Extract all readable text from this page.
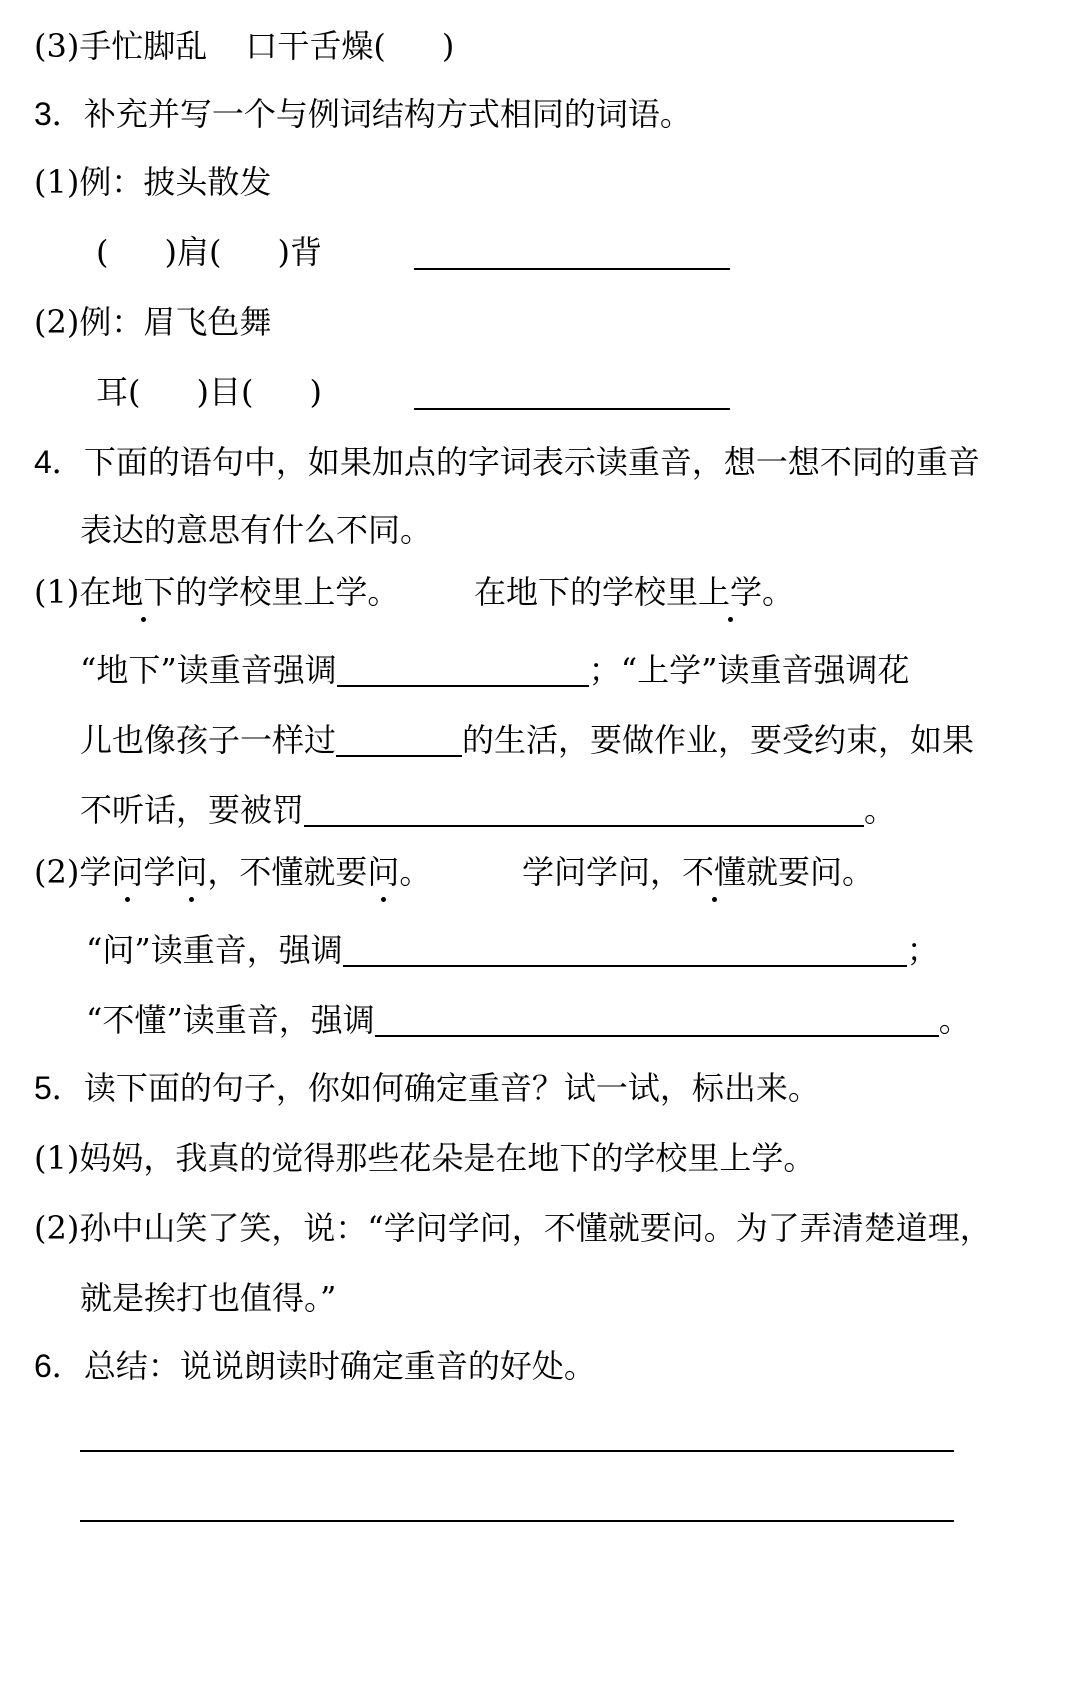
(3)手忙脚乱 口干舌燥( )
3．补充并写一个与例词结构方式相同的词语。
(1)例：披头散发
( )肩( )背
(2)例：眉飞色舞
耳( )目( )
4．下面的语句中，如果加点的字词表示读重音，想一想不同的重音
表达的意思有什么不同。
(1)在地下的学校里上学。 在地下的学校里上学。
“地下”读重音强调	；“上学”读重音强调花
儿也像孩子一样过	的生活，要做作业，要受约束，如果
不听话，要被罚	。
(2)学问学问，不懂就要问。	学问学问，不懂就要问。
“问”读重音，强调	；
“不懂”读重音，强调	。
5．读下面的句子，你如何确定重音？试一试，标出来。
(1)妈妈，我真的觉得那些花朵是在地下的学校里上学。
(2)孙中山笑了笑，说：“学问学问，不懂就要问。为了弄清楚道理，
就是挨打也值得。”
6．总结：说说朗读时确定重音的好处。
